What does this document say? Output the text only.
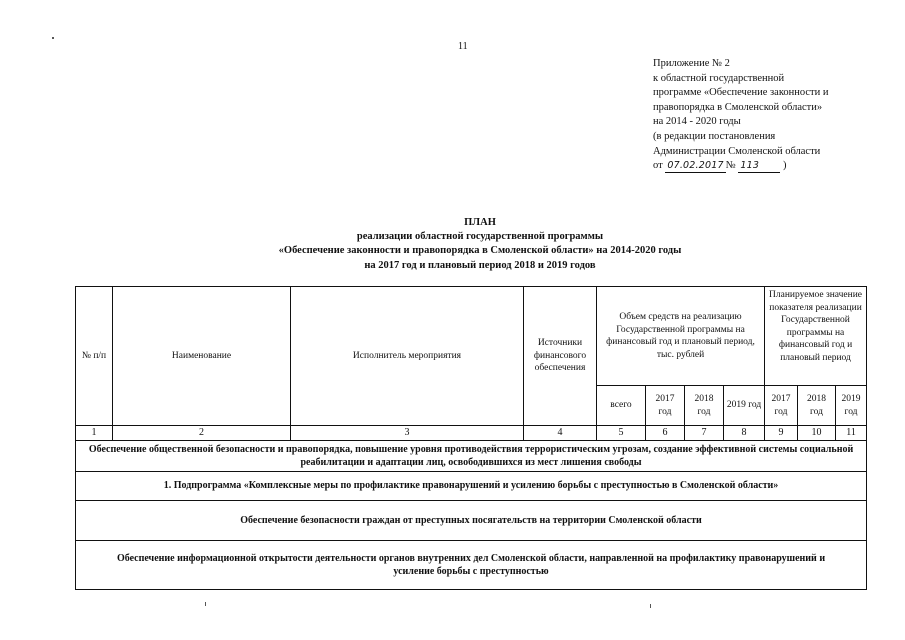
11
Приложение № 2
к областной государственной
программе «Обеспечение законности и
правопорядка в Смоленской области»
на 2014 - 2020 годы
(в редакции постановления
Администрации Смоленской области
от 07.02.2017 № 113 )
ПЛАН
реализации областной государственной программы
«Обеспечение законности и правопорядка в Смоленской области» на 2014-2020 годы
на 2017 год и плановый период 2018 и 2019 годов
№ п/п	Наименование	Исполнитель мероприятия	Источники финансового обеспечения	Объем средств на реализацию Государственной программы на финансовый год и плановый период, тыс. рублей				Планируемое значение показателя реализации Государственной программы на финансовый год и плановый период		
				всего	2017 год	2018 год	2019 год	2017 год	2018 год	2019 год
1	2	3	4	5	6	7	8	9	10	11
Обеспечение общественной безопасности и правопорядка, повышение уровня противодействия террористическим угрозам, создание эффективной системы социальной реабилитации и адаптации лиц, освободившихся из мест лишения свободы										
1. Подпрограмма «Комплексные меры по профилактике правонарушений и усилению борьбы с преступностью в Смоленской области»										
Обеспечение безопасности граждан от преступных посягательств на территории Смоленской области										
Обеспечение информационной открытости деятельности органов внутренних дел Смоленской области, направленной на профилактику правонарушений и усиление борьбы с преступностью										
